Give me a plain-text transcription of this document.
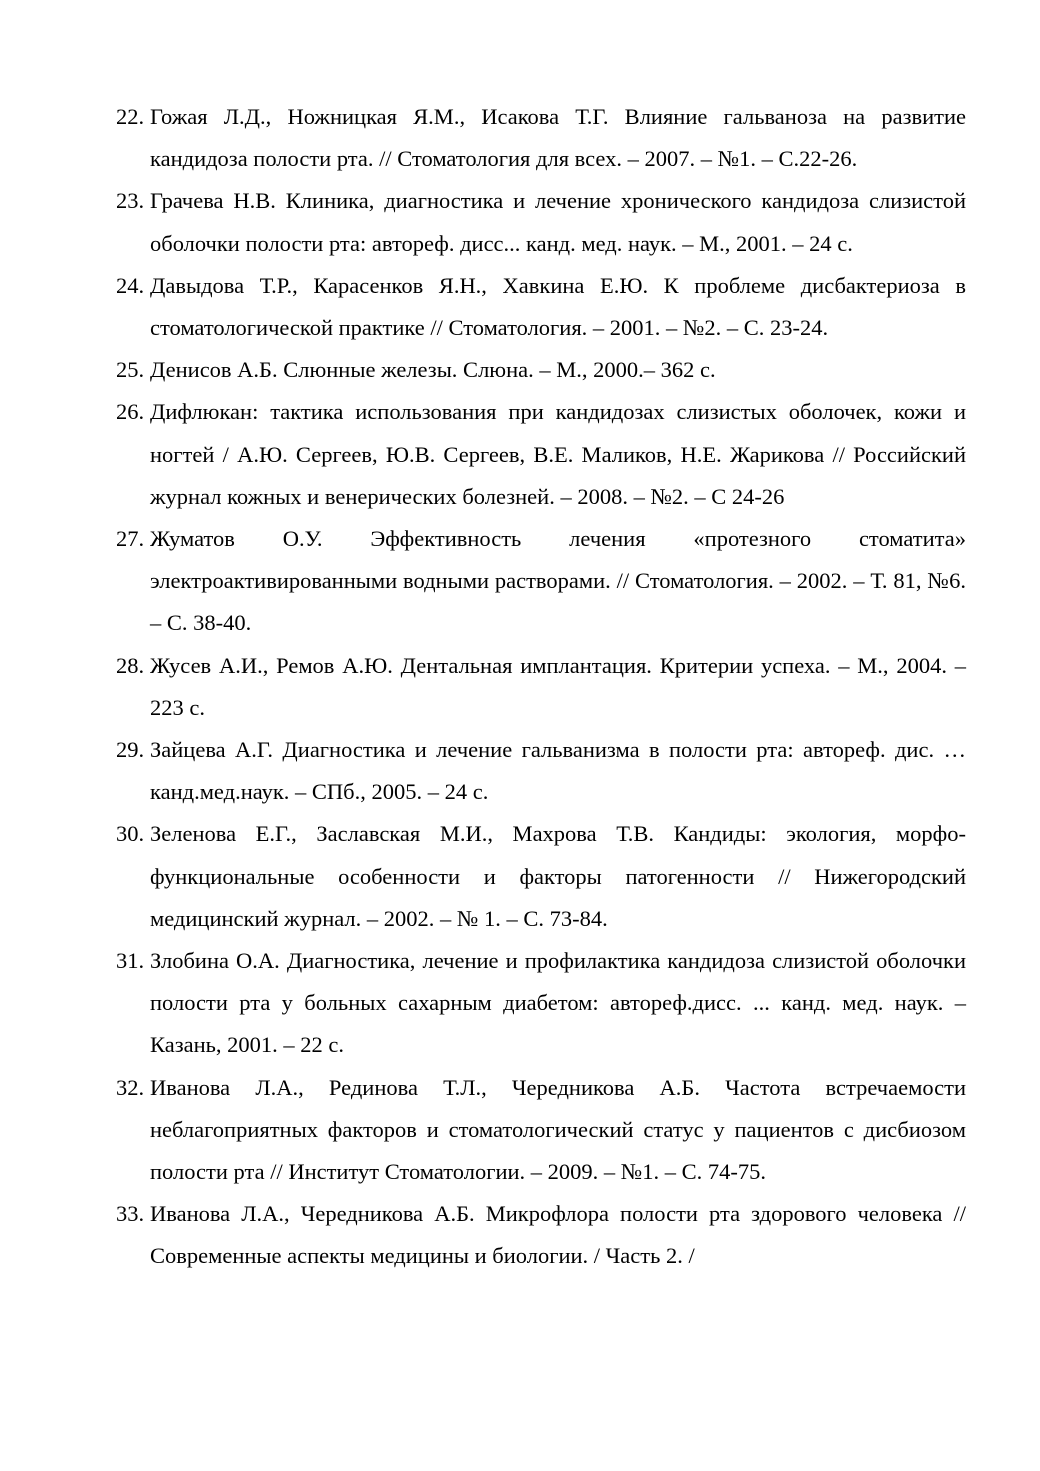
22. Гожая Л.Д., Ножницкая Я.М., Исакова Т.Г. Влияние гальваноза на развитие кандидоза полости рта. // Стоматология для всех. – 2007. – №1. – С.22-26.

23. Грачева Н.В. Клиника, диагностика и лечение хронического кандидоза слизистой оболочки полости рта: автореф. дисс... канд. мед. наук. – М., 2001. – 24 с.

24. Давыдова Т.Р., Карасенков Я.Н., Хавкина Е.Ю. К проблеме дисбактериоза в стоматологической практике // Стоматология. – 2001. – №2. – С. 23-24.

25. Денисов А.Б. Слюнные железы. Слюна. – М., 2000.– 362 с.

26. Дифлюкан: тактика использования при кандидозах слизистых оболочек, кожи и ногтей / А.Ю. Сергеев, Ю.В. Сергеев, В.Е. Маликов, Н.Е. Жарикова // Российский журнал кожных и венерических болезней. – 2008. – №2. – С 24-26

27. Жуматов О.У. Эффективность лечения «протезного стоматита» электроактивированными водными растворами. // Стоматология. – 2002. – Т. 81, №6. – С. 38-40.

28. Жусев А.И., Ремов А.Ю. Дентальная имплантация. Критерии успеха. – М., 2004. – 223 с.

29. Зайцева А.Г. Диагностика и лечение гальванизма в полости рта: автореф. дис. …канд.мед.наук. – СПб., 2005. – 24 с.

30. Зеленова Е.Г., Заславская М.И., Махрова Т.В. Кандиды: экология, морфо-функциональные особенности и факторы патогенности // Нижегородский медицинский журнал. – 2002. – № 1. – С. 73-84.

31. Злобина О.А. Диагностика, лечение и профилактика кандидоза слизистой оболочки полости рта у больных сахарным диабетом: автореф.дисс. ... канд. мед. наук. – Казань, 2001. – 22 с.

32. Иванова Л.А., Рединова Т.Л., Чередникова А.Б. Частота встречаемости неблагоприятных факторов и стоматологический статус у пациентов с дисбиозом полости рта // Институт Стоматологии. – 2009. – №1. – С. 74-75.

33. Иванова Л.А., Чередникова А.Б. Микрофлора полости рта здорового человека // Современные аспекты медицины и биологии. / Часть 2. /
